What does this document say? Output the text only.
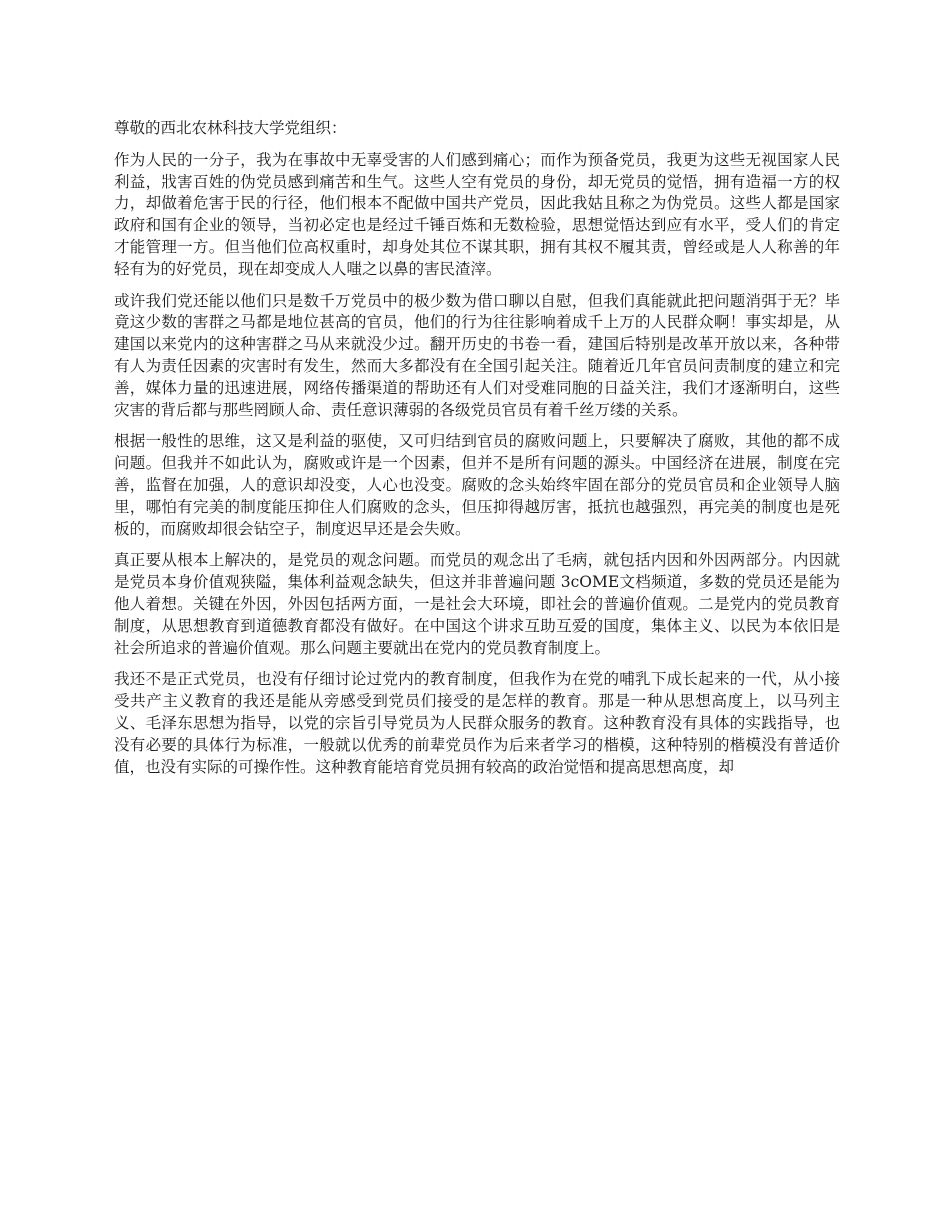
尊敬的西北农林科技大学党组织：

作为人民的一分子，我为在事故中无辜受害的人们感到痛心；而作为预备党员，我更为这些无视国家人民利益，戕害百姓的伪党员感到痛苦和生气。这些人空有党员的身份，却无党员的觉悟，拥有造福一方的权力，却做着危害于民的行径，他们根本不配做中国共产党员，因此我姑且称之为伪党员。这些人都是国家政府和国有企业的领导，当初必定也是经过千锤百炼和无数检验，思想觉悟达到应有水平，受人们的肯定才能管理一方。但当他们位高权重时，却身处其位不谋其职，拥有其权不履其责，曾经或是人人称善的年轻有为的好党员，现在却变成人人嗤之以鼻的害民渣滓。

或许我们党还能以他们只是数千万党员中的极少数为借口聊以自慰，但我们真能就此把问题消弭于无？毕竟这少数的害群之马都是地位甚高的官员，他们的行为往往影响着成千上万的人民群众啊！事实却是，从建国以来党内的这种害群之马从来就没少过。翻开历史的书卷一看，建国后特别是改革开放以来，各种带有人为责任因素的灾害时有发生，然而大多都没有在全国引起关注。随着近几年官员问责制度的建立和完善，媒体力量的迅速进展，网络传播渠道的帮助还有人们对受难同胞的日益关注，我们才逐渐明白，这些灾害的背后都与那些罔顾人命、责任意识薄弱的各级党员官员有着千丝万缕的关系。

根据一般性的思维，这又是利益的驱使，又可归结到官员的腐败问题上，只要解决了腐败，其他的都不成问题。但我并不如此认为，腐败或许是一个因素，但并不是所有问题的源头。中国经济在进展，制度在完善，监督在加强，人的意识却没变，人心也没变。腐败的念头始终牢固在部分的党员官员和企业领导人脑里，哪怕有完美的制度能压抑住人们腐败的念头，但压抑得越厉害，抵抗也越强烈，再完美的制度也是死板的，而腐败却很会钻空子，制度迟早还是会失败。

真正要从根本上解决的，是党员的观念问题。而党员的观念出了毛病，就包括内因和外因两部分。内因就是党员本身价值观狭隘，集体利益观念缺失，但这并非普遍问题 3cOME文档频道，多数的党员还是能为他人着想。关键在外因，外因包括两方面，一是社会大环境，即社会的普遍价值观。二是党内的党员教育制度，从思想教育到道德教育都没有做好。在中国这个讲求互助互爱的国度，集体主义、以民为本依旧是社会所追求的普遍价值观。那么问题主要就出在党内的党员教育制度上。

我还不是正式党员，也没有仔细讨论过党内的教育制度，但我作为在党的哺乳下成长起来的一代，从小接受共产主义教育的我还是能从旁感受到党员们接受的是怎样的教育。那是一种从思想高度上，以马列主义、毛泽东思想为指导，以党的宗旨引导党员为人民群众服务的教育。这种教育没有具体的实践指导，也没有必要的具体行为标准，一般就以优秀的前辈党员作为后来者学习的楷模，这种特别的楷模没有普适价值，也没有实际的可操作性。这种教育能培育党员拥有较高的政治觉悟和提高思想高度，却
